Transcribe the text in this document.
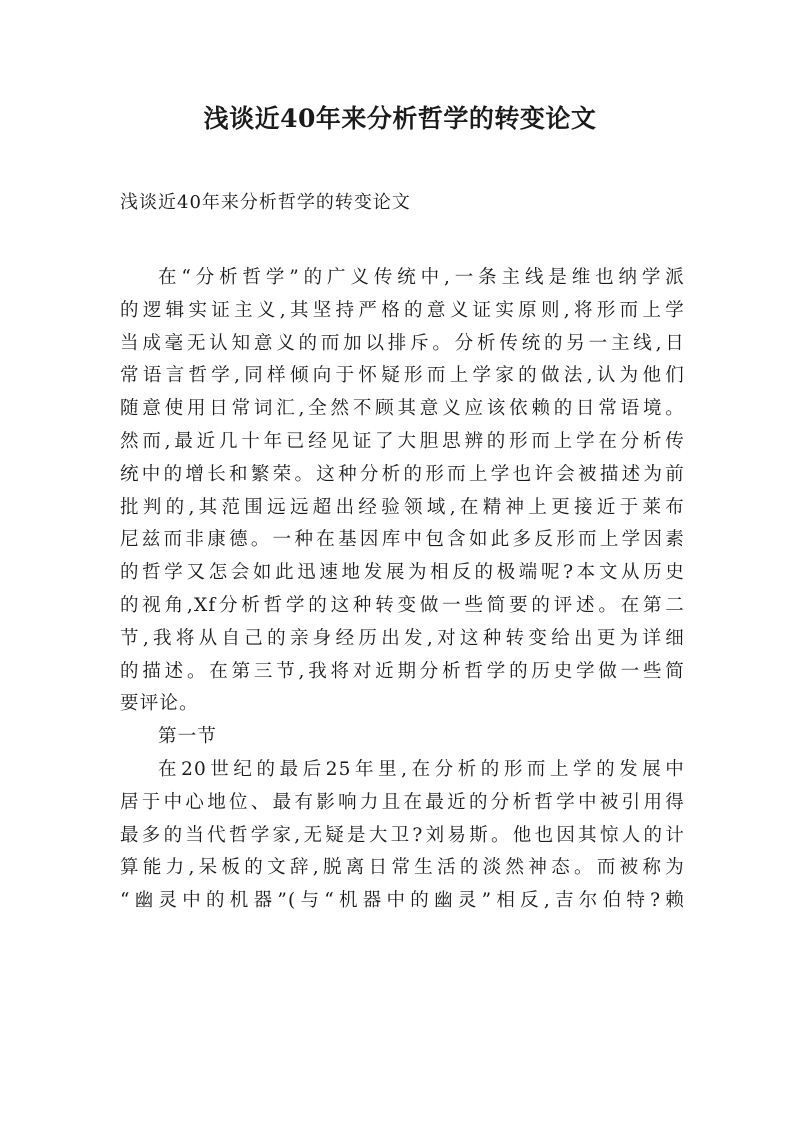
浅谈近40年来分析哲学的转变论文
浅谈近40年来分析哲学的转变论文
在“分析哲学”的广义传统中,一条主线是维也纳学派
的逻辑实证主义,其坚持严格的意义证实原则,将形而上学
当成毫无认知意义的而加以排斥。分析传统的另一主线,日
常语言哲学,同样倾向于怀疑形而上学家的做法,认为他们
随意使用日常词汇,全然不顾其意义应该依赖的日常语境。
然而,最近几十年已经见证了大胆思辨的形而上学在分析传
统中的增长和繁荣。这种分析的形而上学也许会被描述为前
批判的,其范围远远超出经验领域,在精神上更接近于莱布
尼兹而非康德。一种在基因库中包含如此多反形而上学因素
的哲学又怎会如此迅速地发展为相反的极端呢?本文从历史
的视角,Xf分析哲学的这种转变做一些简要的评述。在第二
节,我将从自己的亲身经历出发,对这种转变给出更为详细
的描述。在第三节,我将对近期分析哲学的历史学做一些简
要评论。
第一节
在20世纪的最后25年里,在分析的形而上学的发展中
居于中心地位、最有影响力且在最近的分析哲学中被引用得
最多的当代哲学家,无疑是大卫?刘易斯。他也因其惊人的计
算能力,呆板的文辞,脱离日常生活的淡然神态。而被称为
“幽灵中的机器”(与“机器中的幽灵”相反,吉尔伯特?赖
